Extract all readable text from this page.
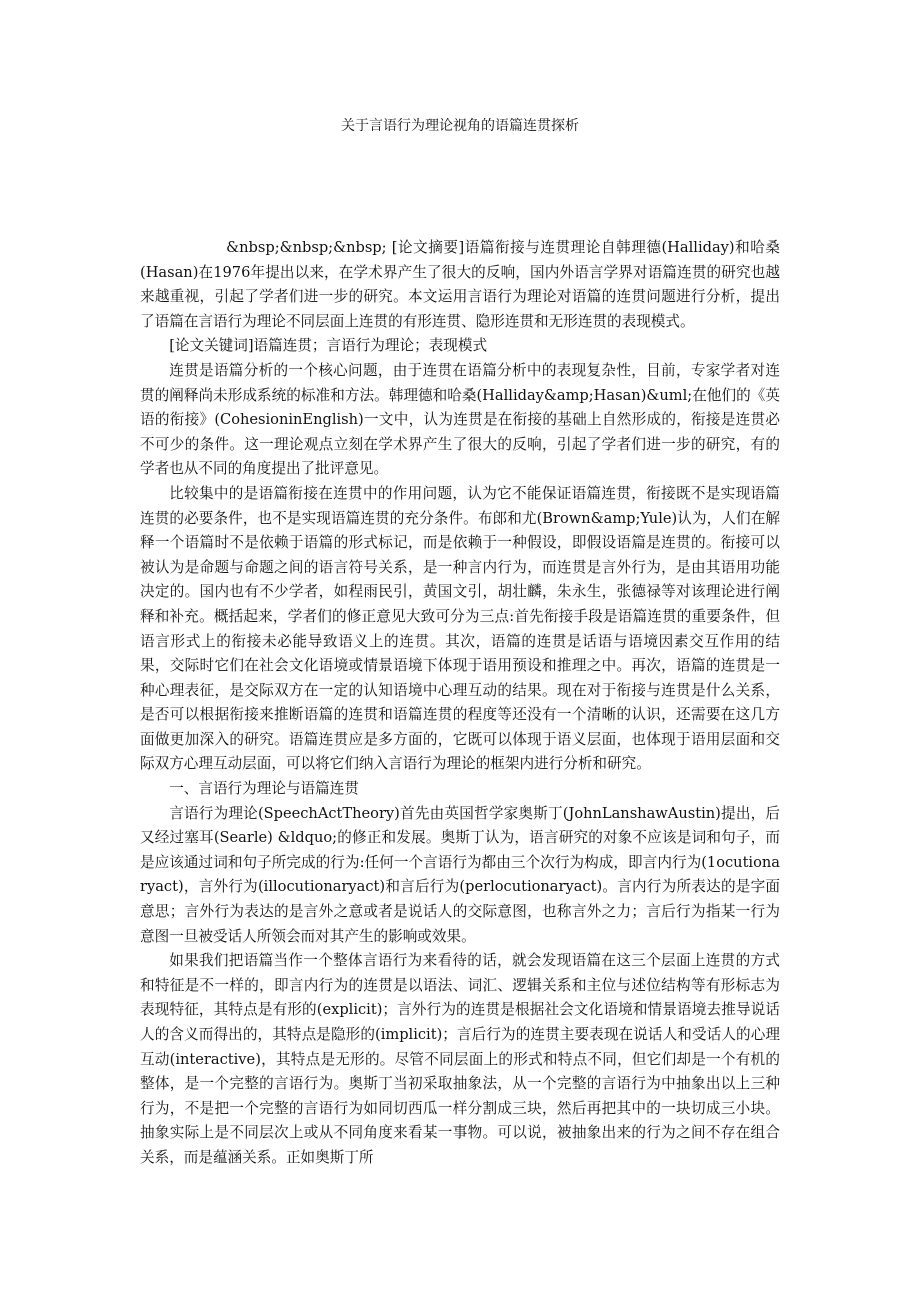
关于言语行为理论视角的语篇连贯探析

&nbsp;&nbsp;&nbsp; [论文摘要]语篇衔接与连贯理论自韩理德(Halliday)和哈桑(Hasan)在1976年提出以来，在学术界产生了很大的反响，国内外语言学界对语篇连贯的研究也越来越重视，引起了学者们进一步的研究。本文运用言语行为理论对语篇的连贯问题进行分析，提出了语篇在言语行为理论不同层面上连贯的有形连贯、隐形连贯和无形连贯的表现模式。

[论文关键词]语篇连贯；言语行为理论；表现模式

连贯是语篇分析的一个核心问题，由于连贯在语篇分析中的表现复杂性，目前，专家学者对连贯的阐释尚未形成系统的标准和方法。韩理德和哈桑(Halliday&amp;Hasan)&uml;在他们的《英语的衔接》(CohesioninEnglish)一文中，认为连贯是在衔接的基础上自然形成的，衔接是连贯必不可少的条件。这一理论观点立刻在学术界产生了很大的反响，引起了学者们进一步的研究，有的学者也从不同的角度提出了批评意见。

比较集中的是语篇衔接在连贯中的作用问题，认为它不能保证语篇连贯，衔接既不是实现语篇连贯的必要条件，也不是实现语篇连贯的充分条件。布郎和尤(Brown&amp;Yule)认为，人们在解释一个语篇时不是依赖于语篇的形式标记，而是依赖于一种假设，即假设语篇是连贯的。衔接可以被认为是命题与命题之间的语言符号关系，是一种言内行为，而连贯是言外行为，是由其语用功能决定的。国内也有不少学者，如程雨民引，黄国文引，胡壮麟，朱永生，张德禄等对该理论进行阐释和补充。概括起来，学者们的修正意见大致可分为三点:首先衔接手段是语篇连贯的重要条件，但语言形式上的衔接未必能导致语义上的连贯。其次，语篇的连贯是话语与语境因素交互作用的结果，交际时它们在社会文化语境或情景语境下体现于语用预设和推理之中。再次，语篇的连贯是一种心理表征，是交际双方在一定的认知语境中心理互动的结果。现在对于衔接与连贯是什么关系，是否可以根据衔接来推断语篇的连贯和语篇连贯的程度等还没有一个清晰的认识，还需要在这几方面做更加深入的研究。语篇连贯应是多方面的，它既可以体现于语义层面，也体现于语用层面和交际双方心理互动层面，可以将它们纳入言语行为理论的框架内进行分析和研究。

一、言语行为理论与语篇连贯

言语行为理论(SpeechActTheory)首先由英国哲学家奥斯丁(JohnLanshawAustin)提出，后又经过塞耳(Searle) &ldquo;的修正和发展。奥斯丁认为，语言研究的对象不应该是词和句子，而是应该通过词和句子所完成的行为:任何一个言语行为都由三个次行为构成，即言内行为(1ocutionaryact)，言外行为(illocutionaryact)和言后行为(perlocutionaryact)。言内行为所表达的是字面意思；言外行为表达的是言外之意或者是说话人的交际意图，也称言外之力；言后行为指某一行为意图一旦被受话人所领会而对其产生的影响或效果。

如果我们把语篇当作一个整体言语行为来看待的话，就会发现语篇在这三个层面上连贯的方式和特征是不一样的，即言内行为的连贯是以语法、词汇、逻辑关系和主位与述位结构等有形标志为表现特征，其特点是有形的(explicit)；言外行为的连贯是根据社会文化语境和情景语境去推导说话人的含义而得出的，其特点是隐形的(implicit)；言后行为的连贯主要表现在说话人和受话人的心理互动(interactive)，其特点是无形的。尽管不同层面上的形式和特点不同，但它们却是一个有机的整体，是一个完整的言语行为。奥斯丁当初采取抽象法，从一个完整的言语行为中抽象出以上三种行为，不是把一个完整的言语行为如同切西瓜一样分割成三块，然后再把其中的一块切成三小块。抽象实际上是不同层次上或从不同角度来看某一事物。可以说，被抽象出来的行为之间不存在组合关系，而是蕴涵关系。正如奥斯丁所
